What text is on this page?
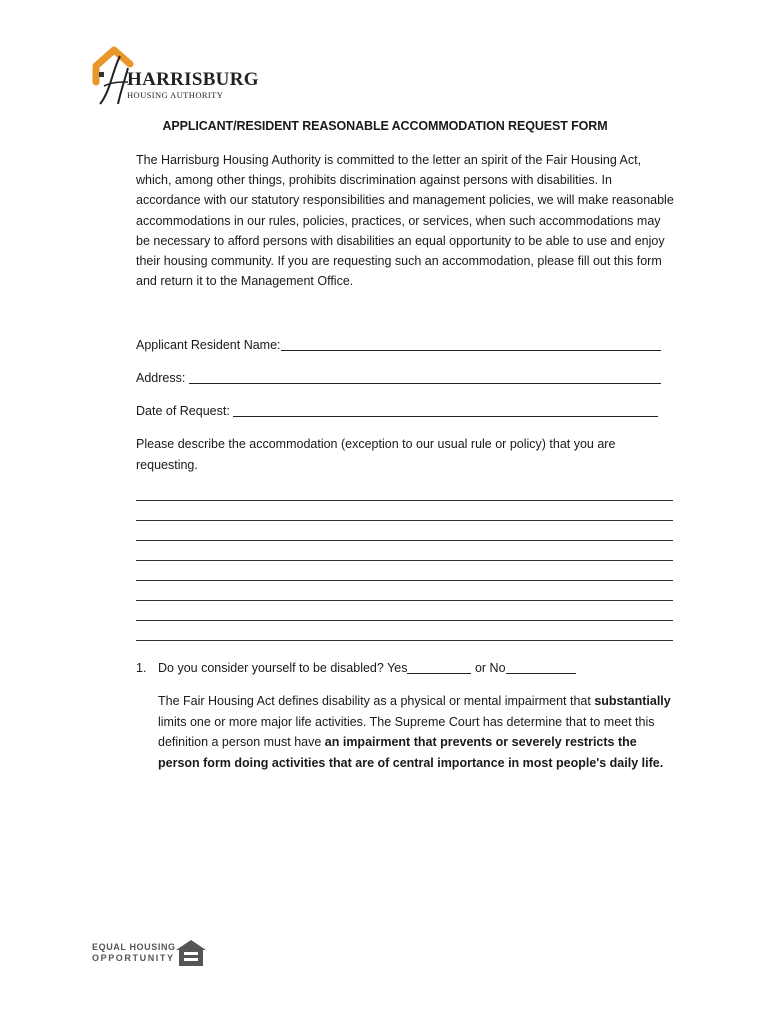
HARRISBURG
HOUSING AUTHORITY
APPLICANT/RESIDENT REASONABLE ACCOMMODATION REQUEST FORM

The Harrisburg Housing Authority is committed to the letter an spirit of the Fair Housing Act, which, among other things, prohibits discrimination against persons with disabilities. In accordance with our statutory responsibilities and management policies, we will make reasonable accommodations in our rules, policies, practices, or services, when such accommodations may be necessary to afford persons with disabilities an equal opportunity to be able to use and enjoy their housing community. If you are requesting such an accommodation, please fill out this form and return it to the Management Office.

Applicant Resident Name:
Address:
Date of Request:
Please describe the accommodation (exception to our usual rule or policy) that you are requesting.
1. Do you consider yourself to be disabled? Yes	or No

The Fair Housing Act defines disability as a physical or mental impairment that substantially limits one or more major life activities. The Supreme Court has determine that to meet this definition a person must have an impairment that prevents or severely restricts the person form doing activities that are of central importance in most people's daily life.

EQUAL HOUSING
OPPORTUNITY
